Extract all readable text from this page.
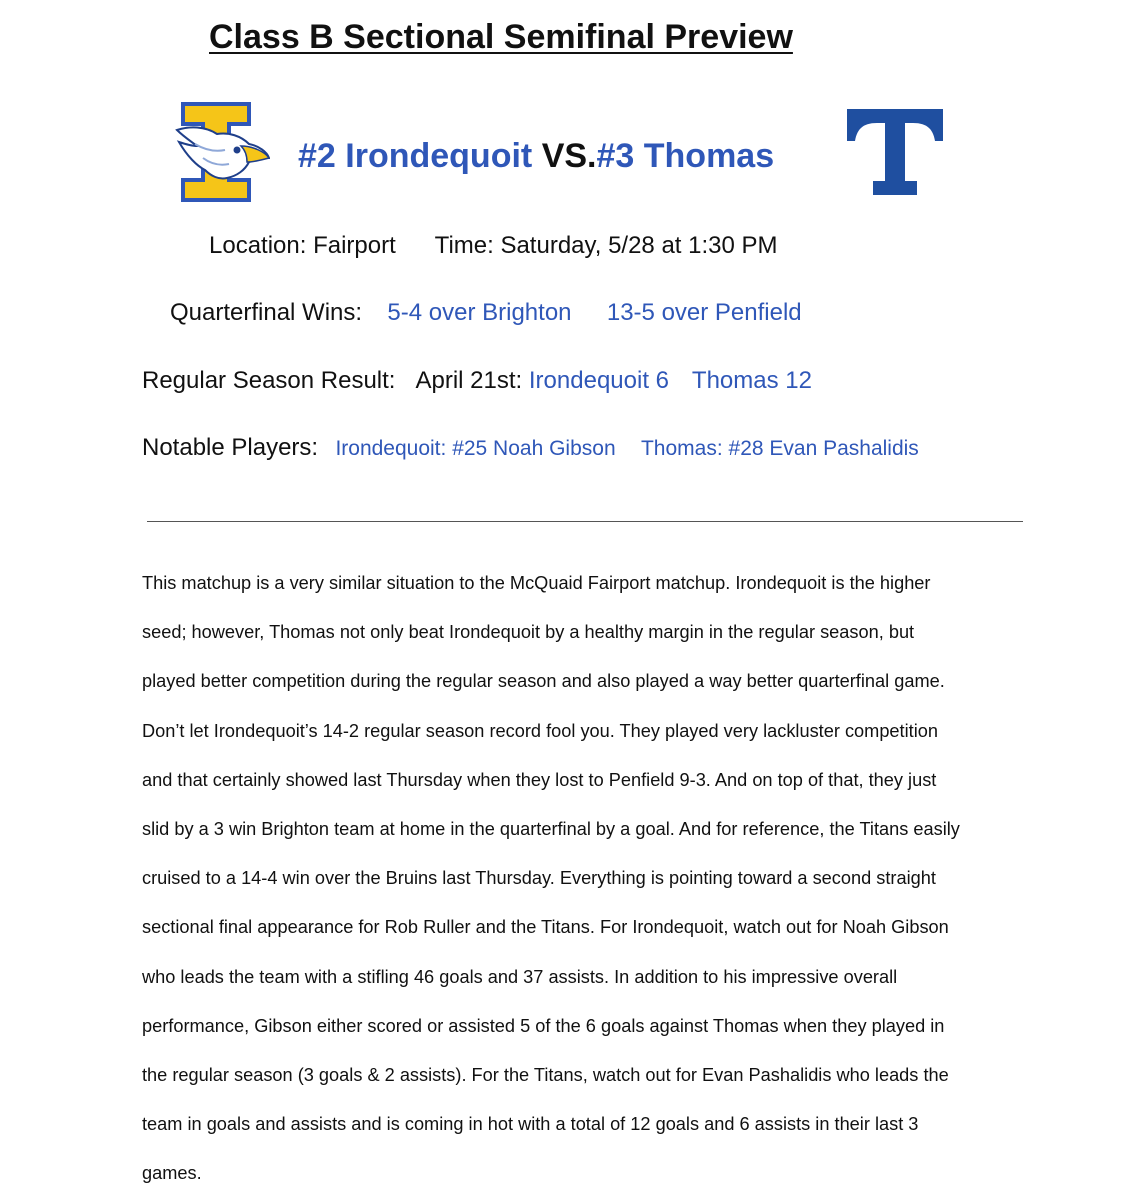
Class B Sectional Semifinal Preview
#2 Irondequoit VS.#3 Thomas
Location: Fairport Time: Saturday, 5/28 at 1:30 PM
Quarterfinal Wins: 5-4 over Brighton 13-5 over Penfield
Regular Season Result: April 21st: Irondequoit 6 Thomas 12
Notable Players: Irondequoit: #25 Noah Gibson Thomas: #28 Evan Pashalidis
This matchup is a very similar situation to the McQuaid Fairport matchup. Irondequoit is the higher
seed; however, Thomas not only beat Irondequoit by a healthy margin in the regular season, but
played better competition during the regular season and also played a way better quarterfinal game.
Don’t let Irondequoit’s 14-2 regular season record fool you. They played very lackluster competition
and that certainly showed last Thursday when they lost to Penfield 9-3. And on top of that, they just
slid by a 3 win Brighton team at home in the quarterfinal by a goal. And for reference, the Titans easily
cruised to a 14-4 win over the Bruins last Thursday. Everything is pointing toward a second straight
sectional final appearance for Rob Ruller and the Titans. For Irondequoit, watch out for Noah Gibson
who leads the team with a stifling 46 goals and 37 assists. In addition to his impressive overall
performance, Gibson either scored or assisted 5 of the 6 goals against Thomas when they played in
the regular season (3 goals & 2 assists). For the Titans, watch out for Evan Pashalidis who leads the
team in goals and assists and is coming in hot with a total of 12 goals and 6 assists in their last 3
games.
